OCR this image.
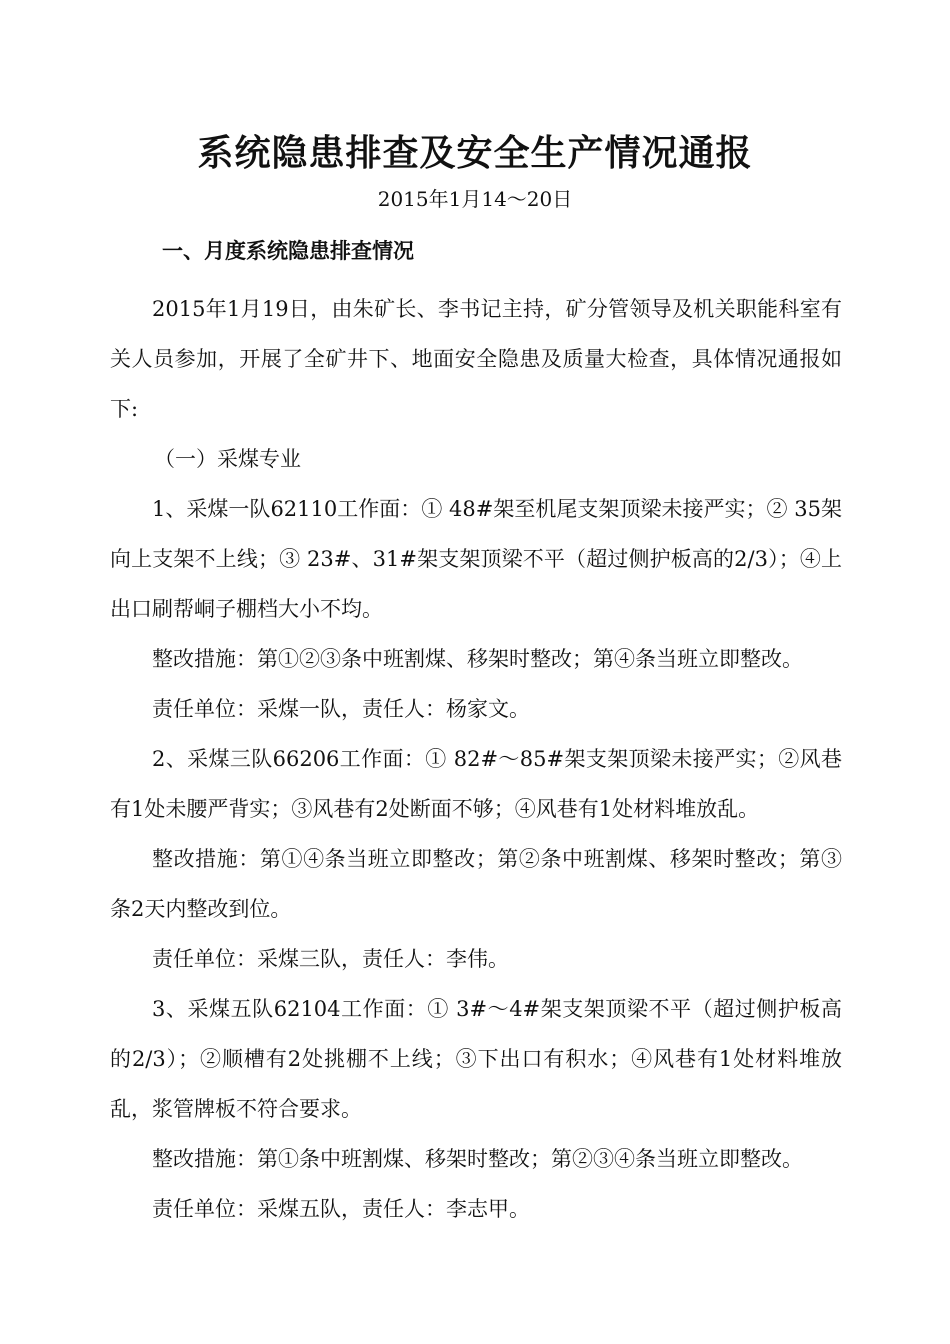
系统隐患排查及安全生产情况通报
2015年1月14～20日
一、月度系统隐患排查情况

2015年1月19日，由朱矿长、李书记主持，矿分管领导及机关职能科室有关人员参加，开展了全矿井下、地面安全隐患及质量大检查，具体情况通报如下:

（一）采煤专业

1、采煤一队62110工作面：① 48#架至机尾支架顶梁未接严实；② 35架向上支架不上线；③ 23#、31#架支架顶梁不平（超过侧护板高的2/3）；④上出口刷帮峒子棚档大小不均。

整改措施：第①②③条中班割煤、移架时整改；第④条当班立即整改。

责任单位：采煤一队，责任人：杨家文。

2、采煤三队66206工作面：① 82#～85#架支架顶梁未接严实；②风巷有1处未腰严背实；③风巷有2处断面不够；④风巷有1处材料堆放乱。

整改措施：第①④条当班立即整改；第②条中班割煤、移架时整改；第③条2天内整改到位。

责任单位：采煤三队，责任人：李伟。

3、采煤五队62104工作面：① 3#～4#架支架顶梁不平（超过侧护板高的2/3）；②顺槽有2处挑棚不上线；③下出口有积水；④风巷有1处材料堆放乱，浆管牌板不符合要求。

整改措施：第①条中班割煤、移架时整改；第②③④条当班立即整改。

责任单位：采煤五队，责任人：李志甲。
